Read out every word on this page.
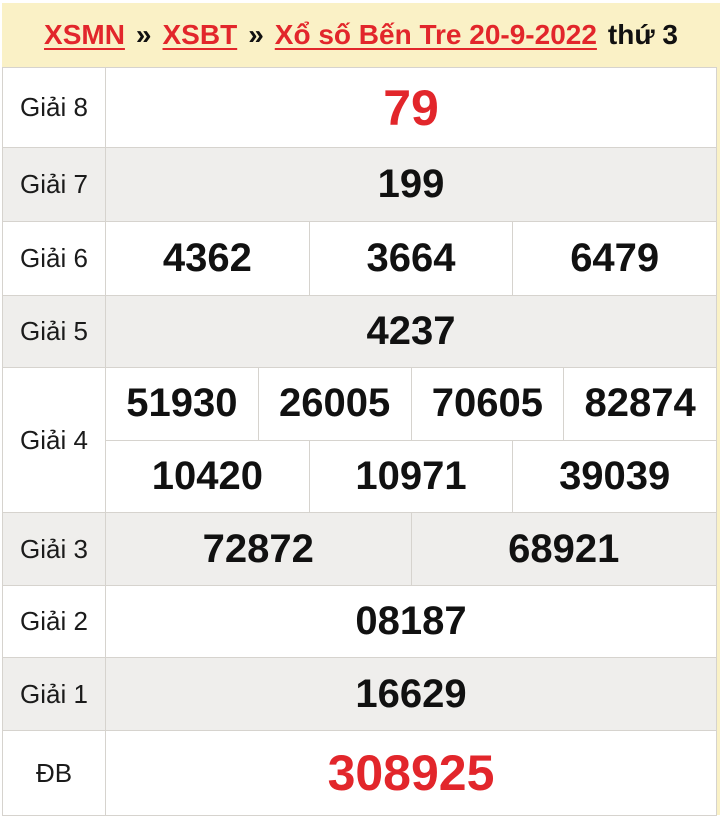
XSMN » XSBT » Xổ số Bến Tre 20-9-2022 thứ 3
Giải 8	79
Giải 7	199
Giải 6	4362	3664	6479
Giải 5	4237
Giải 4
51930	26005	70605	82874
10420	10971	39039
Giải 3	72872	68921
Giải 2	08187
Giải 1	16629
ĐB	308925
